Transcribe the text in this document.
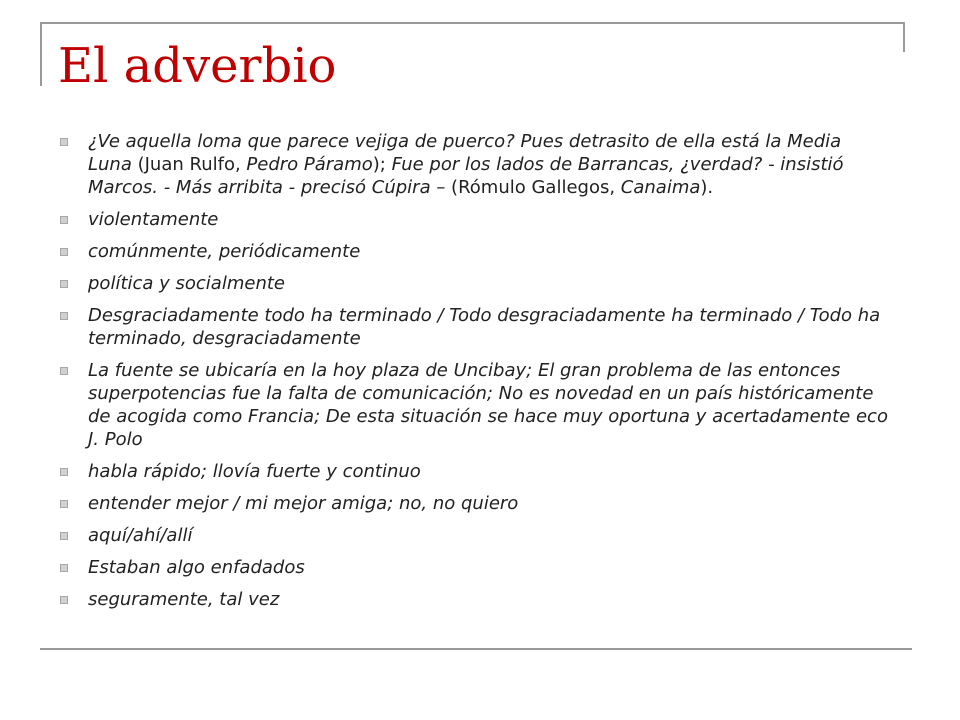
El adverbio
¿Ve aquella loma que parece vejiga de puerco? Pues detrasito de ella está la Media Luna (Juan Rulfo, Pedro Páramo); Fue por los lados de Barrancas, ¿verdad? - insistió Marcos. - Más arribita - precisó Cúpira – (Rómulo Gallegos, Canaima).
violentamente
comúnmente, periódicamente
política y socialmente
Desgraciadamente todo ha terminado / Todo desgraciadamente ha terminado / Todo ha terminado, desgraciadamente
La fuente se ubicaría en la hoy plaza de Uncibay; El gran problema de las entonces superpotencias fue la falta de comunicación; No es novedad en un país históricamente de acogida como Francia; De esta situación se hace muy oportuna y acertadamente eco J. Polo
habla rápido; llovía fuerte y continuo
entender mejor / mi mejor amiga; no, no quiero
aquí/ahí/allí
Estaban algo enfadados
seguramente, tal vez
